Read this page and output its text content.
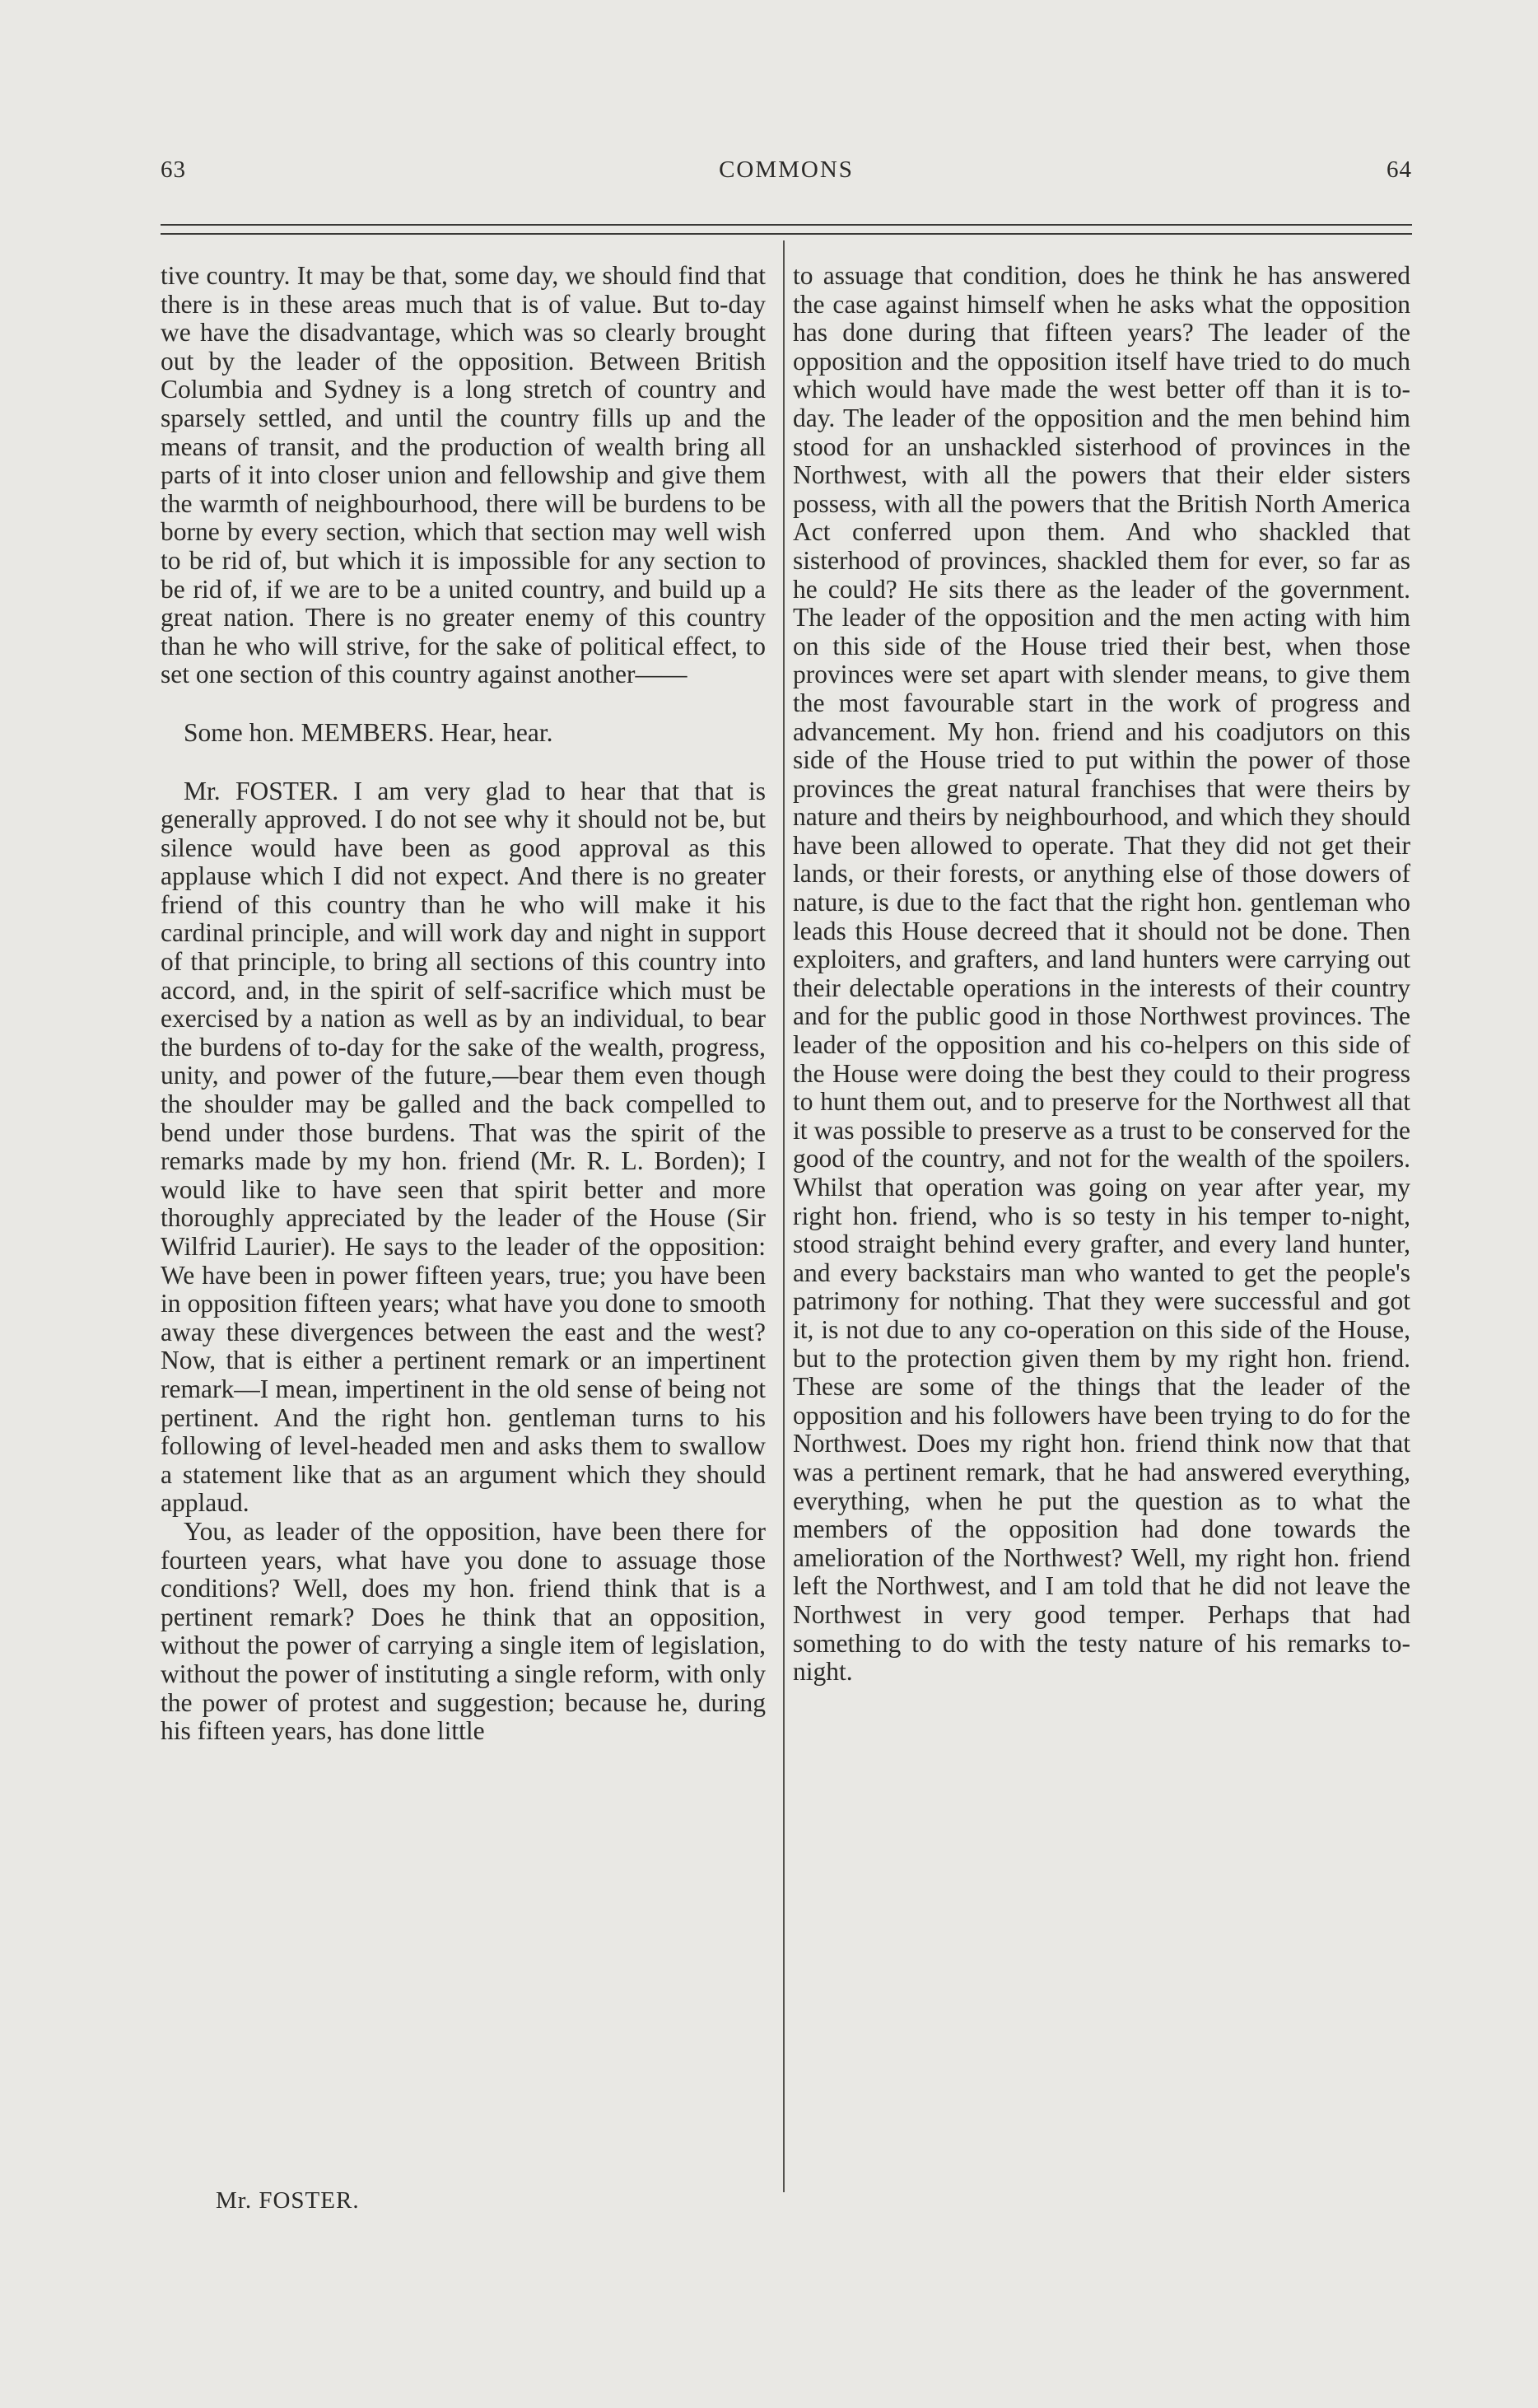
63	COMMONS	64

tive country. It may be that, some day, we should find that there is in these areas much that is of value. But to-day we have the disadvantage, which was so clearly brought out by the leader of the opposition. Between British Columbia and Sydney is a long stretch of country and sparsely settled, and until the country fills up and the means of transit, and the production of wealth bring all parts of it into closer union and fellowship and give them the warmth of neighbourhood, there will be burdens to be borne by every section, which that section may well wish to be rid of, but which it is impossible for any section to be rid of, if we are to be a united country, and build up a great nation. There is no greater enemy of this country than he who will strive, for the sake of political effect, to set one section of this country against another——

Some hon. MEMBERS. Hear, hear.

Mr. FOSTER. I am very glad to hear that that is generally approved. I do not see why it should not be, but silence would have been as good approval as this applause which I did not expect. And there is no greater friend of this country than he who will make it his cardinal principle, and will work day and night in support of that principle, to bring all sections of this country into accord, and, in the spirit of self-sacrifice which must be exercised by a nation as well as by an individual, to bear the burdens of to-day for the sake of the wealth, progress, unity, and power of the future,—bear them even though the shoulder may be galled and the back compelled to bend under those burdens. That was the spirit of the remarks made by my hon. friend (Mr. R. L. Borden); I would like to have seen that spirit better and more thoroughly appreciated by the leader of the House (Sir Wilfrid Laurier). He says to the leader of the opposition: We have been in power fifteen years, true; you have been in opposition fifteen years; what have you done to smooth away these divergences between the east and the west? Now, that is either a pertinent remark or an impertinent remark—I mean, impertinent in the old sense of being not pertinent. And the right hon. gentleman turns to his following of level-headed men and asks them to swallow a statement like that as an argument which they should applaud.

You, as leader of the opposition, have been there for fourteen years, what have you done to assuage those conditions? Well, does my hon. friend think that is a pertinent remark? Does he think that an opposition, without the power of carrying a single item of legislation, without the power of instituting a single reform, with only the power of protest and suggestion; because he, during his fifteen years, has done little

to assuage that condition, does he think he has answered the case against himself when he asks what the opposition has done during that fifteen years? The leader of the opposition and the opposition itself have tried to do much which would have made the west better off than it is to-day. The leader of the opposition and the men behind him stood for an unshackled sisterhood of provinces in the Northwest, with all the powers that their elder sisters possess, with all the powers that the British North America Act conferred upon them. And who shackled that sisterhood of provinces, shackled them for ever, so far as he could? He sits there as the leader of the government. The leader of the opposition and the men acting with him on this side of the House tried their best, when those provinces were set apart with slender means, to give them the most favourable start in the work of progress and advancement. My hon. friend and his coadjutors on this side of the House tried to put within the power of those provinces the great natural franchises that were theirs by nature and theirs by neighbourhood, and which they should have been allowed to operate. That they did not get their lands, or their forests, or anything else of those dowers of nature, is due to the fact that the right hon. gentleman who leads this House decreed that it should not be done. Then exploiters, and grafters, and land hunters were carrying out their delectable operations in the interests of their country and for the public good in those Northwest provinces. The leader of the opposition and his co-helpers on this side of the House were doing the best they could to their progress to hunt them out, and to preserve for the Northwest all that it was possible to preserve as a trust to be conserved for the good of the country, and not for the wealth of the spoilers. Whilst that operation was going on year after year, my right hon. friend, who is so testy in his temper to-night, stood straight behind every grafter, and every land hunter, and every backstairs man who wanted to get the people's patrimony for nothing. That they were successful and got it, is not due to any co-operation on this side of the House, but to the protection given them by my right hon. friend. These are some of the things that the leader of the opposition and his followers have been trying to do for the Northwest. Does my right hon. friend think now that that was a pertinent remark, that he had answered everything, everything, when he put the question as to what the members of the opposition had done towards the amelioration of the Northwest? Well, my right hon. friend left the Northwest, and I am told that he did not leave the Northwest in very good temper. Perhaps that had something to do with the testy nature of his remarks to-night.

Mr. FOSTER.
